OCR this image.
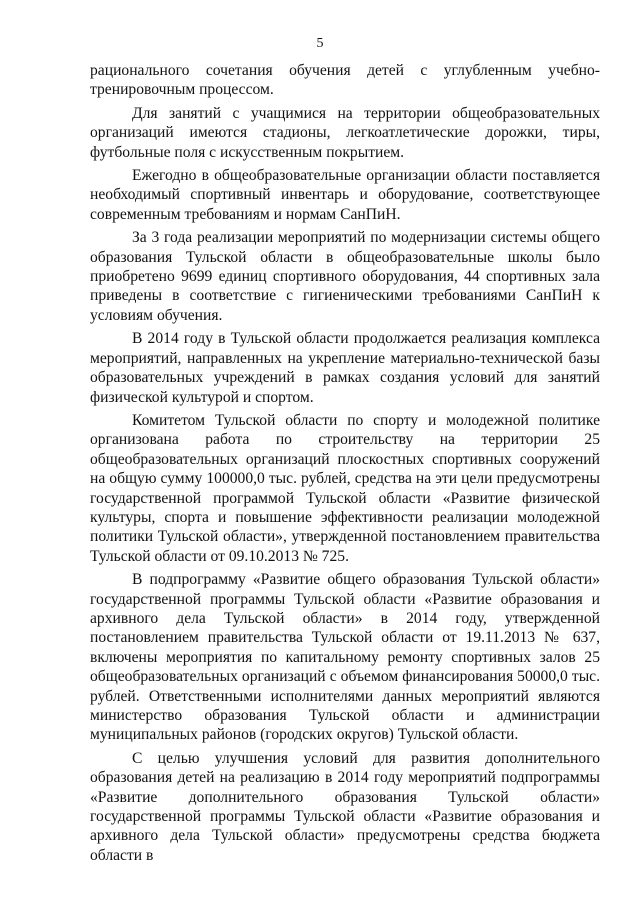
5

рационального сочетания обучения детей с углубленным учебно-тренировочным процессом.

Для занятий с учащимися на территории общеобразовательных организаций имеются стадионы, легкоатлетические дорожки, тиры, футбольные поля с искусственным покрытием.

Ежегодно в общеобразовательные организации области поставляется необходимый спортивный инвентарь и оборудование, соответствующее современным требованиям и нормам СанПиН.

За 3 года реализации мероприятий по модернизации системы общего образования Тульской области в общеобразовательные школы было приобретено 9699 единиц спортивного оборудования, 44 спортивных зала приведены в соответствие с гигиеническими требованиями СанПиН к условиям обучения.

В 2014 году в Тульской области продолжается реализация комплекса мероприятий, направленных на укрепление материально-технической базы образовательных учреждений в рамках создания условий для занятий физической культурой и спортом.

Комитетом Тульской области по спорту и молодежной политике организована работа по строительству на территории 25 общеобразовательных организаций плоскостных спортивных сооружений на общую сумму 100000,0 тыс. рублей, средства на эти цели предусмотрены государственной программой Тульской области «Развитие физической культуры, спорта и повышение эффективности реализации молодежной политики Тульской области», утвержденной постановлением правительства Тульской области от 09.10.2013 № 725.

В подпрограмму «Развитие общего образования Тульской области» государственной программы Тульской области «Развитие образования и архивного дела Тульской области» в 2014 году, утвержденной постановлением правительства Тульской области от 19.11.2013 № 637, включены мероприятия по капитальному ремонту спортивных залов 25 общеобразовательных организаций с объемом финансирования 50000,0 тыс. рублей. Ответственными исполнителями данных мероприятий являются министерство образования Тульской области и администрации муниципальных районов (городских округов) Тульской области.

С целью улучшения условий для развития дополнительного образования детей на реализацию в 2014 году мероприятий подпрограммы «Развитие дополнительного образования Тульской области» государственной программы Тульской области «Развитие образования и архивного дела Тульской области» предусмотрены средства бюджета области в
